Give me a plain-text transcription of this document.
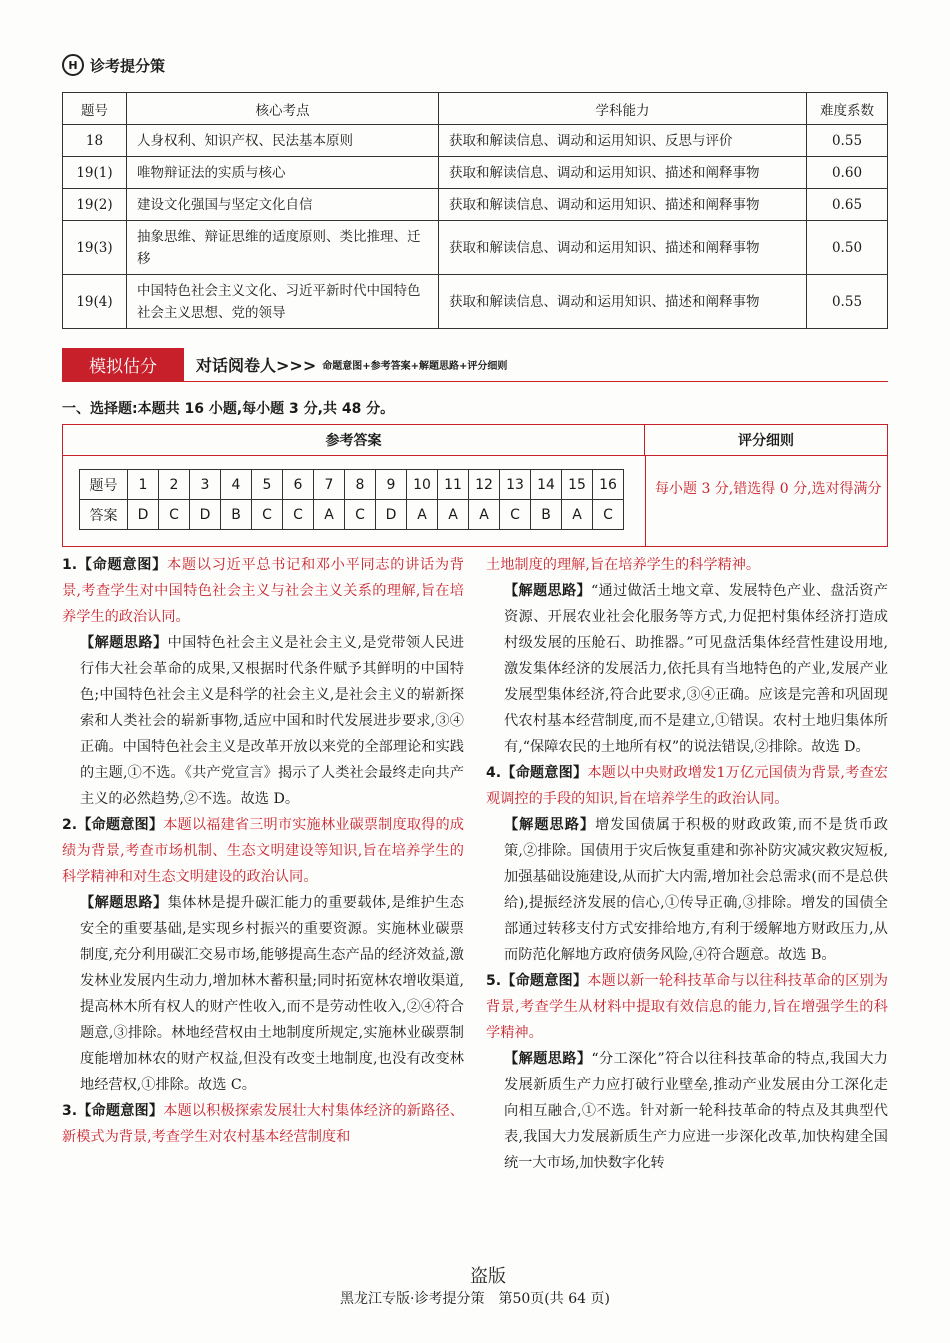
H 诊考提分策
题号	核心考点	学科能力	难度系数
18	人身权利、知识产权、民法基本原则	获取和解读信息、调动和运用知识、反思与评价	0.55
19(1)	唯物辩证法的实质与核心	获取和解读信息、调动和运用知识、描述和阐释事物	0.60
19(2)	建设文化强国与坚定文化自信	获取和解读信息、调动和运用知识、描述和阐释事物	0.65
19(3)	抽象思维、辩证思维的适度原则、类比推理、迁移	获取和解读信息、调动和运用知识、描述和阐释事物	0.50
19(4)	中国特色社会主义文化、习近平新时代中国特色社会主义思想、党的领导	获取和解读信息、调动和运用知识、描述和阐释事物	0.55
模拟估分	对话阅卷人>>> 命题意图+参考答案+解题思路+评分细则
一、选择题:本题共 16 小题,每小题 3 分,共 48 分。
参考答案	评分细则
题号	1	2	3	4	5	6	7	8	9	10	11	12	13	14	15	16
答案	D	C	D	B	C	C	A	C	D	A	A	A	C	B	A	C
每小题 3 分,错选得 0 分,选对得满分
1.【命题意图】本题以习近平总书记和邓小平同志的讲话为背景,考查学生对中国特色社会主义与社会主义关系的理解,旨在培养学生的政治认同。
【解题思路】中国特色社会主义是社会主义,是党带领人民进行伟大社会革命的成果,又根据时代条件赋予其鲜明的中国特色;中国特色社会主义是科学的社会主义,是社会主义的崭新探索和人类社会的崭新事物,适应中国和时代发展进步要求,③④正确。中国特色社会主义是改革开放以来党的全部理论和实践的主题,①不选。《共产党宣言》揭示了人类社会最终走向共产主义的必然趋势,②不选。故选 D。
2.【命题意图】本题以福建省三明市实施林业碳票制度取得的成绩为背景,考查市场机制、生态文明建设等知识,旨在培养学生的科学精神和对生态文明建设的政治认同。
【解题思路】集体林是提升碳汇能力的重要载体,是维护生态安全的重要基础,是实现乡村振兴的重要资源。实施林业碳票制度,充分利用碳汇交易市场,能够提高生态产品的经济效益,激发林业发展内生动力,增加林木蓄积量;同时拓宽林农增收渠道,提高林木所有权人的财产性收入,而不是劳动性收入,②④符合题意,③排除。林地经营权由土地制度所规定,实施林业碳票制度能增加林农的财产权益,但没有改变土地制度,也没有改变林地经营权,①排除。故选 C。
3.【命题意图】本题以积极探索发展壮大村集体经济的新路径、新模式为背景,考查学生对农村基本经营制度和
土地制度的理解,旨在培养学生的科学精神。
【解题思路】“通过做活土地文章、发展特色产业、盘活资产资源、开展农业社会化服务等方式,力促把村集体经济打造成村级发展的压舱石、助推器。”可见盘活集体经营性建设用地,激发集体经济的发展活力,依托具有当地特色的产业,发展产业发展型集体经济,符合此要求,③④正确。应该是完善和巩固现代农村基本经营制度,而不是建立,①错误。农村土地归集体所有,“保障农民的土地所有权”的说法错误,②排除。故选 D。
4.【命题意图】本题以中央财政增发1万亿元国债为背景,考查宏观调控的手段的知识,旨在培养学生的政治认同。
【解题思路】增发国债属于积极的财政政策,而不是货币政策,②排除。国债用于灾后恢复重建和弥补防灾减灾救灾短板,加强基础设施建设,从而扩大内需,增加社会总需求(而不是总供给),提振经济发展的信心,①传导正确,③排除。增发的国债全部通过转移支付方式安排给地方,有利于缓解地方财政压力,从而防范化解地方政府债务风险,④符合题意。故选 B。
5.【命题意图】本题以新一轮科技革命与以往科技革命的区别为背景,考查学生从材料中提取有效信息的能力,旨在增强学生的科学精神。
【解题思路】“分工深化”符合以往科技革命的特点,我国大力发展新质生产力应打破行业壁垒,推动产业发展由分工深化走向相互融合,①不选。针对新一轮科技革命的特点及其典型代表,我国大力发展新质生产力应进一步深化改革,加快构建全国统一大市场,加快数字化转
盗版
黑龙江专版·诊考提分策　第50页(共 64 页)
